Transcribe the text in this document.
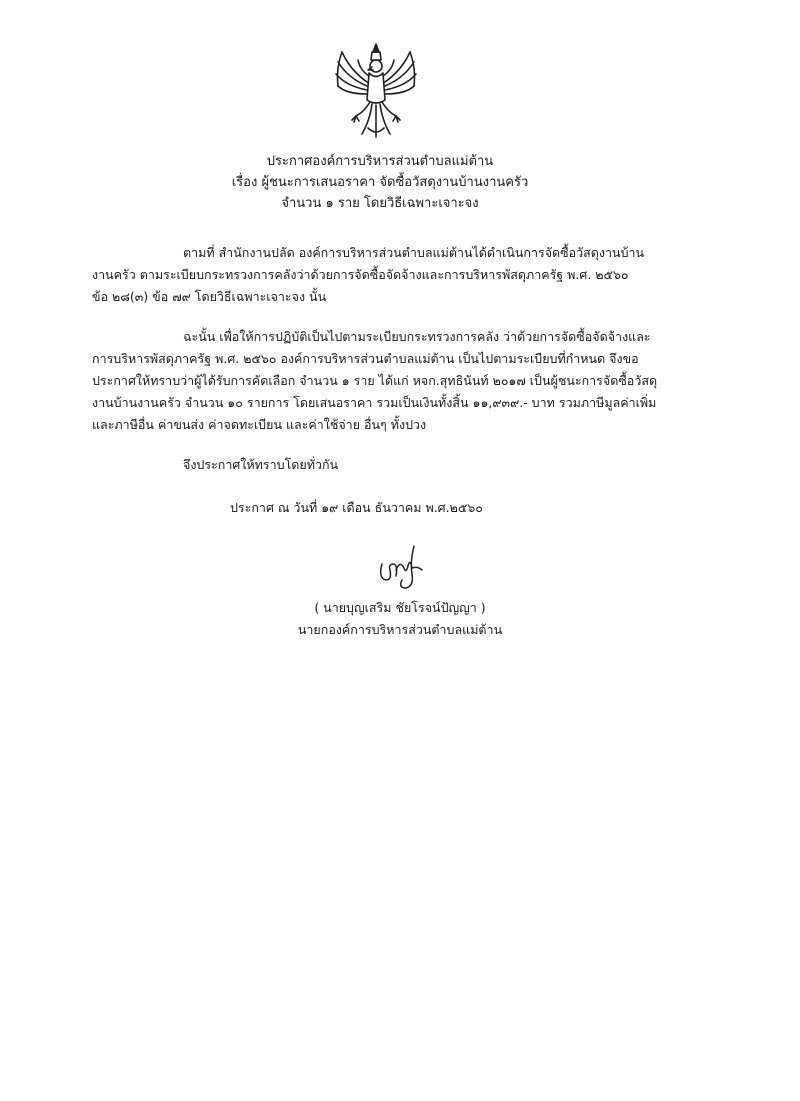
ประกาศองค์การบริหารส่วนตำบลแม่ต้าน
เรื่อง ผู้ชนะการเสนอราคา จัดซื้อวัสดุงานบ้านงานครัว
จำนวน ๑ ราย โดยวิธีเฉพาะเจาะจง
ตามที่ สำนักงานปลัด องค์การบริหารส่วนตำบลแม่ต้านได้ดำเนินการจัดซื้อวัสดุงานบ้าน
งานครัว ตามระเบียบกระทรวงการคลังว่าด้วยการจัดซื้อจัดจ้างและการบริหารพัสดุภาครัฐ พ.ศ. ๒๕๖๐
ข้อ ๒๘(๓) ข้อ ๗๙ โดยวิธีเฉพาะเจาะจง นั้น
ฉะนั้น เพื่อให้การปฏิบัติเป็นไปตามระเบียบกระทรวงการคลัง ว่าด้วยการจัดซื้อจัดจ้างและ
การบริหารพัสดุภาครัฐ พ.ศ. ๒๕๖๐ องค์การบริหารส่วนตำบลแม่ต้าน เป็นไปตามระเบียบที่กำหนด จึงขอ
ประกาศให้ทราบว่าผู้ได้รับการคัดเลือก จำนวน ๑ ราย ได้แก่ หจก.สุทธินันท์ ๒๐๑๗ เป็นผู้ชนะการจัดซื้อวัสดุ
งานบ้านงานครัว จำนวน ๑๐ รายการ โดยเสนอราคา รวมเป็นเงินทั้งสิ้น ๑๑,๙๓๙.- บาท รวมภาษีมูลค่าเพิ่ม
และภาษีอื่น ค่าขนส่ง ค่าจดทะเบียน และค่าใช้จ่าย อื่นๆ ทั้งปวง
จึงประกาศให้ทราบโดยทั่วกัน
ประกาศ ณ วันที่ ๑๙ เดือน ธันวาคม พ.ศ.๒๕๖๐
( นายบุญเสริม ชัยโรจน์ปัญญา )
นายกองค์การบริหารส่วนตำบลแม่ต้าน
